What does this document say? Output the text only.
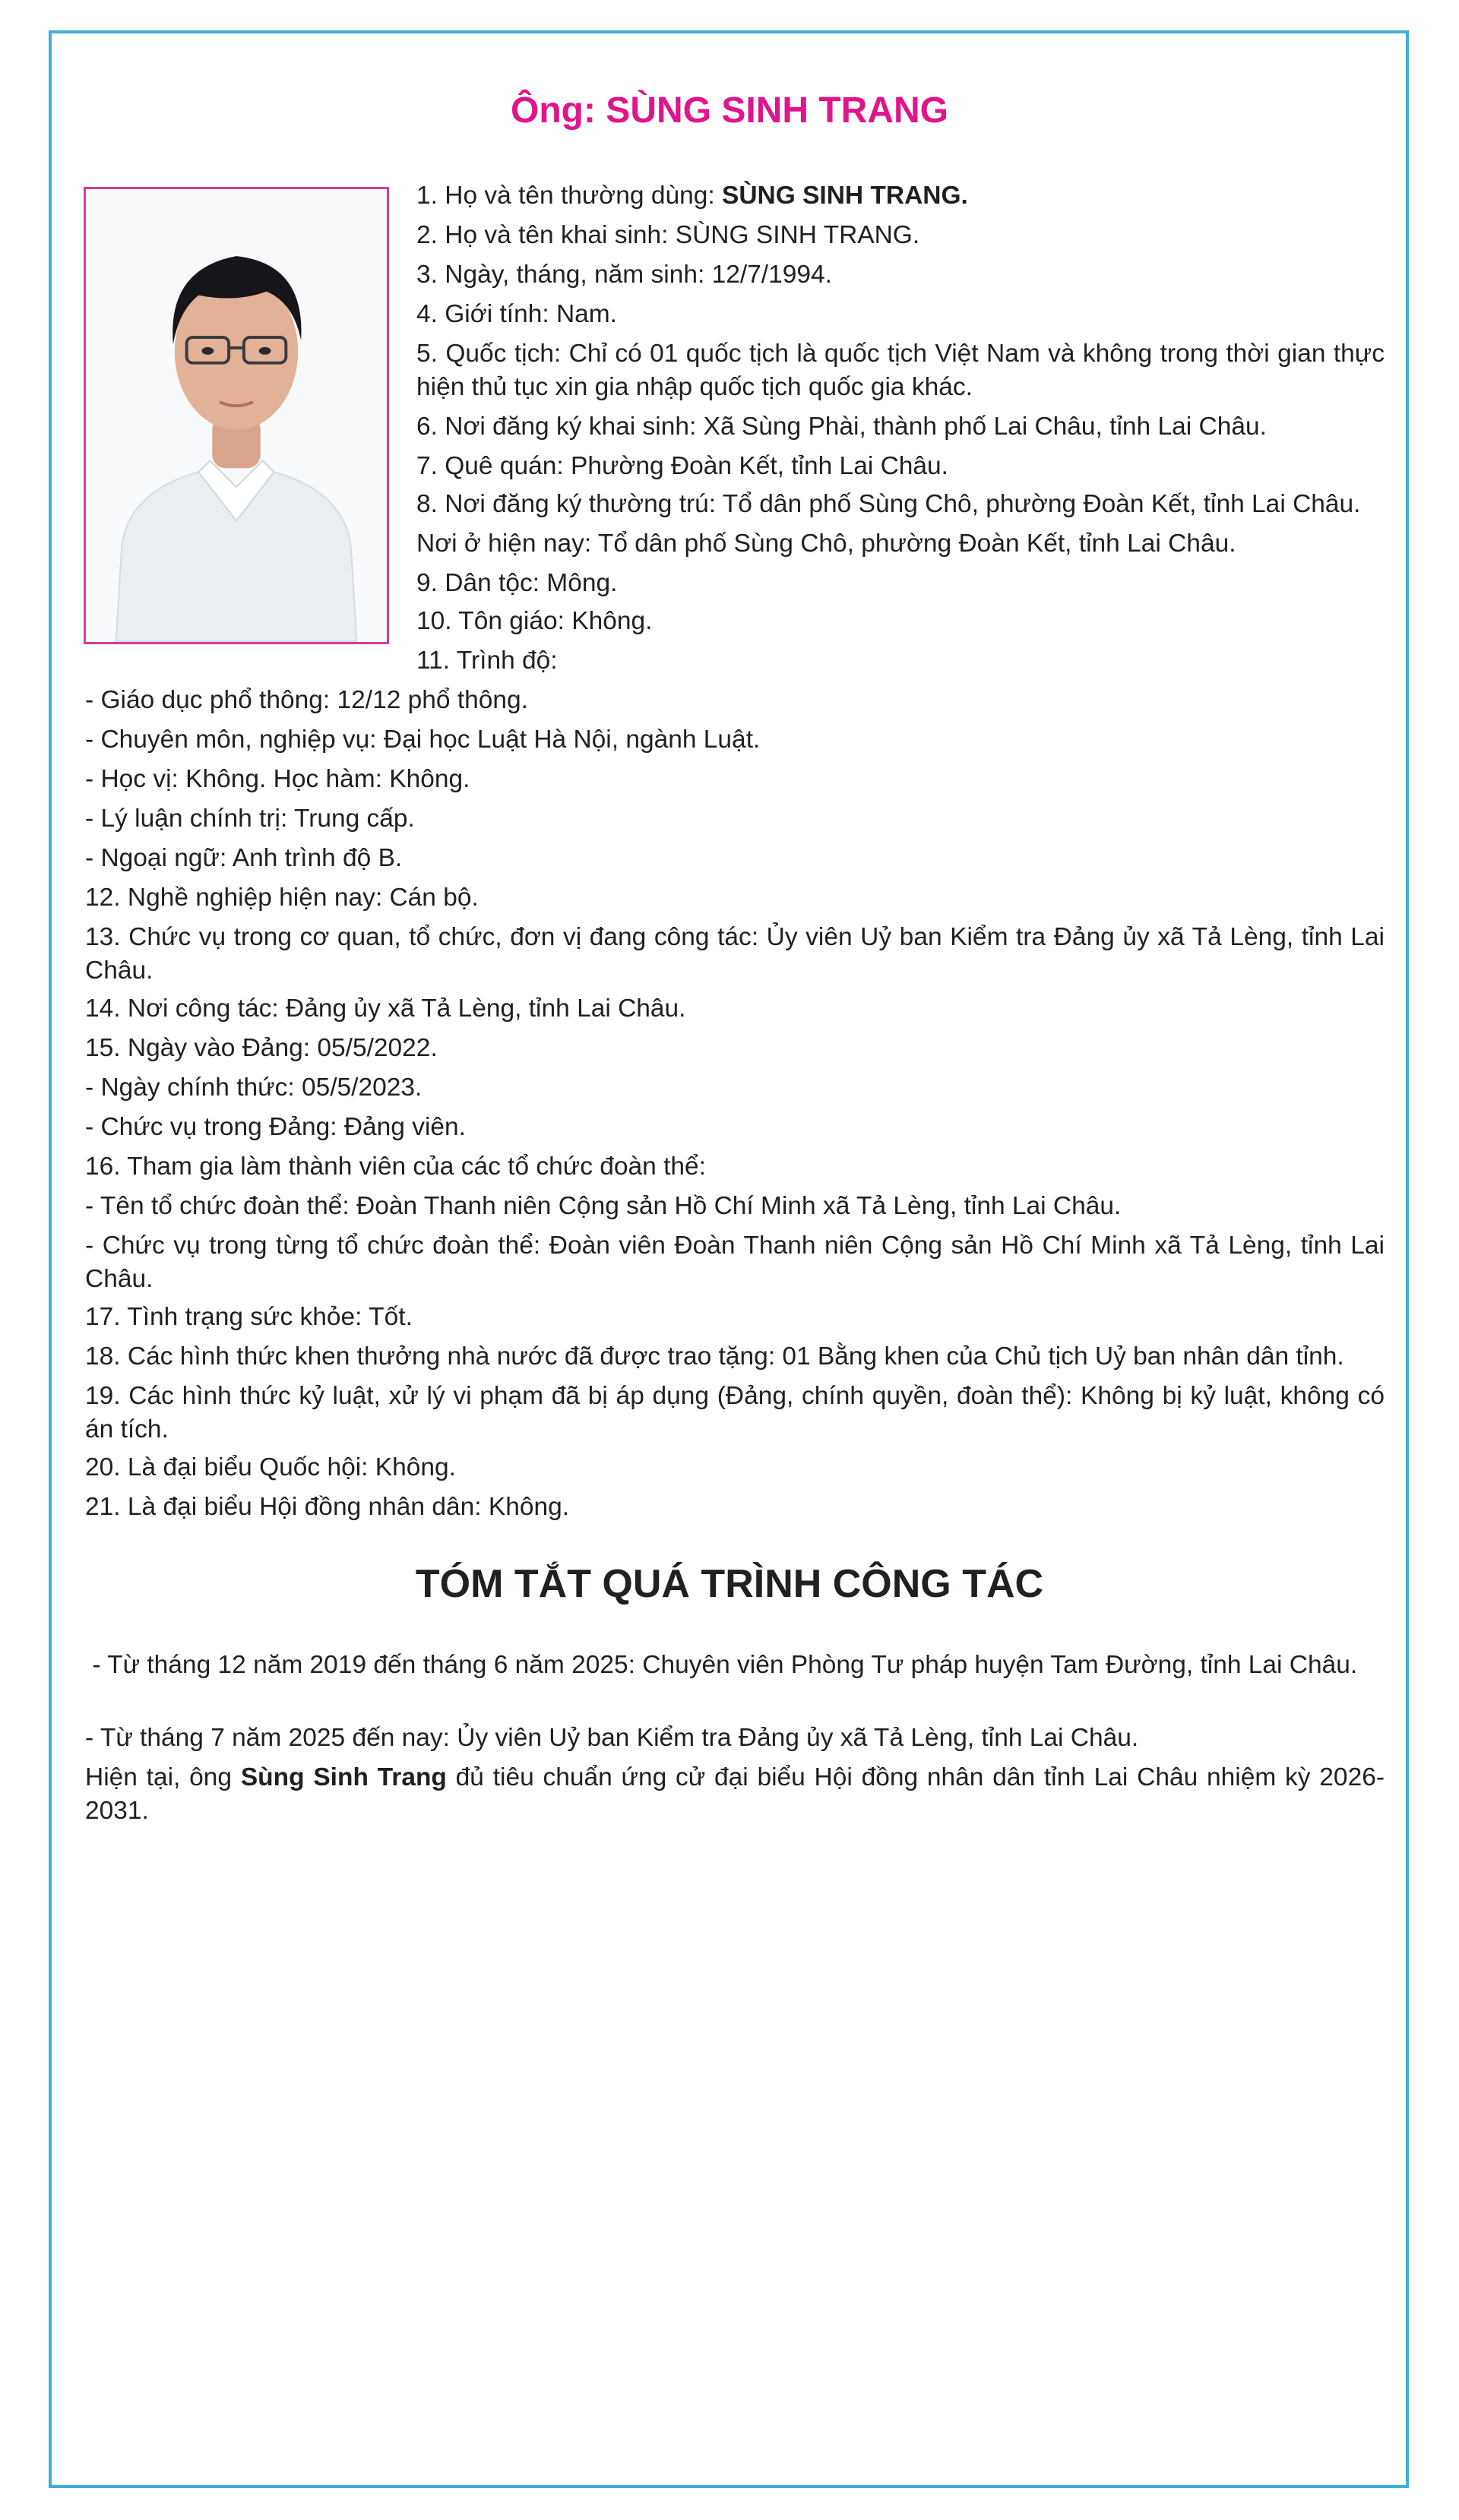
Ông: SÙNG SINH TRANG

1. Họ và tên thường dùng: SÙNG SINH TRANG.

2. Họ và tên khai sinh: SÙNG SINH TRANG.

3. Ngày, tháng, năm sinh: 12/7/1994.

4. Giới tính: Nam.

5. Quốc tịch: Chỉ có 01 quốc tịch là quốc tịch Việt Nam và không trong thời gian thực hiện thủ tục xin gia nhập quốc tịch quốc gia khác.

6. Nơi đăng ký khai sinh: Xã Sùng Phài, thành phố Lai Châu, tỉnh Lai Châu.

7. Quê quán: Phường Đoàn Kết, tỉnh Lai Châu.

8. Nơi đăng ký thường trú: Tổ dân phố Sùng Chô, phường Đoàn Kết, tỉnh Lai Châu.

Nơi ở hiện nay: Tổ dân phố Sùng Chô, phường Đoàn Kết, tỉnh Lai Châu.

9. Dân tộc: Mông.

10. Tôn giáo: Không.

11. Trình độ:

- Giáo dục phổ thông: 12/12 phổ thông.

- Chuyên môn, nghiệp vụ: Đại học Luật Hà Nội, ngành Luật.

- Học vị: Không. Học hàm: Không.

- Lý luận chính trị: Trung cấp.

- Ngoại ngữ: Anh trình độ B.

12. Nghề nghiệp hiện nay: Cán bộ.

13. Chức vụ trong cơ quan, tổ chức, đơn vị đang công tác: Ủy viên Uỷ ban Kiểm tra Đảng ủy xã Tả Lèng, tỉnh Lai Châu.

14. Nơi công tác: Đảng ủy xã Tả Lèng, tỉnh Lai Châu.

15. Ngày vào Đảng: 05/5/2022.

- Ngày chính thức: 05/5/2023.

- Chức vụ trong Đảng: Đảng viên.

16. Tham gia làm thành viên của các tổ chức đoàn thể:

- Tên tổ chức đoàn thể: Đoàn Thanh niên Cộng sản Hồ Chí Minh xã Tả Lèng, tỉnh Lai Châu.

- Chức vụ trong từng tổ chức đoàn thể: Đoàn viên Đoàn Thanh niên Cộng sản Hồ Chí Minh xã Tả Lèng, tỉnh Lai Châu.

17. Tình trạng sức khỏe: Tốt.

18. Các hình thức khen thưởng nhà nước đã được trao tặng: 01 Bằng khen của Chủ tịch Uỷ ban nhân dân tỉnh.

19. Các hình thức kỷ luật, xử lý vi phạm đã bị áp dụng (Đảng, chính quyền, đoàn thể): Không bị kỷ luật, không có án tích.

20. Là đại biểu Quốc hội: Không.

21. Là đại biểu Hội đồng nhân dân: Không.

TÓM TẮT QUÁ TRÌNH CÔNG TÁC

- Từ tháng 12 năm 2019 đến tháng 6 năm 2025: Chuyên viên Phòng Tư pháp huyện Tam Đường, tỉnh Lai Châu.

- Từ tháng 7 năm 2025 đến nay: Ủy viên Uỷ ban Kiểm tra Đảng ủy xã Tả Lèng, tỉnh Lai Châu.

Hiện tại, ông Sùng Sinh Trang đủ tiêu chuẩn ứng cử đại biểu Hội đồng nhân dân tỉnh Lai Châu nhiệm kỳ 2026-2031.
